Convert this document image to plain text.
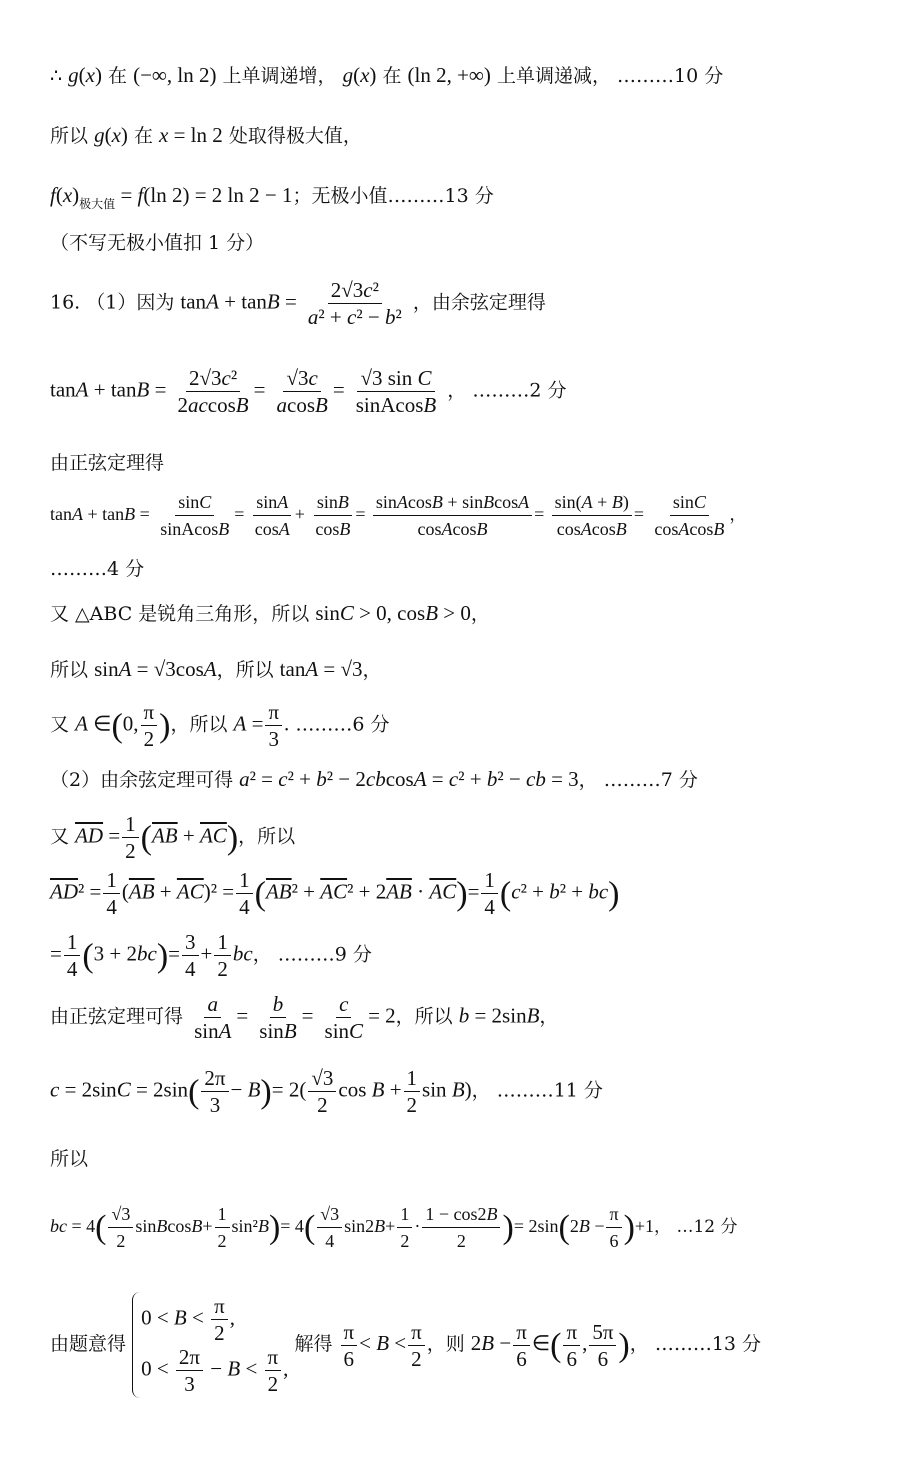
∴ g(x) 在 (−∞, ln 2) 上单调递增， g(x) 在 (ln 2, +∞) 上单调递减， ………10 分
所以 g(x) 在 x = ln 2 处取得极大值，
$f(x)_{极大值} = f(\ln$ 2) = 2 ln 2 − 1；无极小值………13 分
（不写无极小值扣 1 分）
16. （1）因为 $\tan A + \tan B = \frac{\text{2√3c²}}{\text{a² + c² − b²}}$ ，由余弦定理得
$\tan A + \tan B = \frac{\text{2√3c²}}{2accosB} = \frac{√3c}{acosB} = \frac{\text{√3 sin C}}{\text{sinAcosB}}$ ， ………2 分
由正弦定理得
$\tan A + \tan B = \frac{\sin C}{\text{sinAcosB}} = \frac{\sin A}{\cos A} + \frac{\sin B}{\cos B} = \frac{\text{sinAcosB + sinBcosA}}{\text{cosAcosB}} = \frac{\sin(A + B)}{\text{cosAcosB}} = \frac{\sin C}{\text{cosAcosB}}$ ，
………4 分
又 △ABC 是锐角三角形，所以 sinC > 0, cosB > 0，
所以 sinA = √3cosA，所以 tanA = √3，
又 A ∈(0, $\frac{\pi}{2}$ )，所以 $A = \frac{\pi}{3}$ . ………6 分
（2）由余弦定理可得 a² = c² + b² − 2cbcosA = c² + b² − cb = 3， ………7 分
又 $\overline{AD} = \frac{1}{2} (\overline{AB} + \overline{AC})$，所以
$\overline{AD}^2 = \frac{1}{4} (\overline{AB} + \overline{AC})^2 = \frac{1}{4} (\overline{AB}^2 + \overline{AC}^2 + 2\overline{AB} \cdot \overline{AC})= \frac{1}{4} (c^2 + b^2 + bc)$
= $\frac{1}{4} (3 + 2bc)= \frac{3}{4} + \frac{1}{2}$ bc， ………9 分
由正弦定理可得 $\frac{a}{\sin A} = \frac{b}{\sin B} = \frac{c}{\sin C} = 2$，所以 b = 2sinB，
$c = 2\sin C = 2\sin( \frac{2\pi}{3} - B)= 2( \frac{√3}{2}$ $\cos B + \frac{1}{2}$ sin B)， ………11 分
所以
bc = $4( \frac{√3}{2}$ sinBcosB+ $\frac{1}{2} \sin^2B)= 4( \frac{√3}{4} \sin 2B+ \frac{1}{2} \cdot \frac{1 - \cos 2B}{2}$ )= $2\sin(2B - \frac{\pi}{6} )+1$， …12 分
由题意得
$0 < B < \frac{\pi}{2}$ ,
$0 < \frac{2\pi}{3} - B < \frac{\pi}{2}$ ,
解得 $\frac{\pi}{6} < B < \frac{\pi}{2}$ ，则 $2B - \frac{\pi}{6}$ ∈( $\frac{\pi}{6}$ , $\frac{5\pi}{6}$ )， ………13 分
